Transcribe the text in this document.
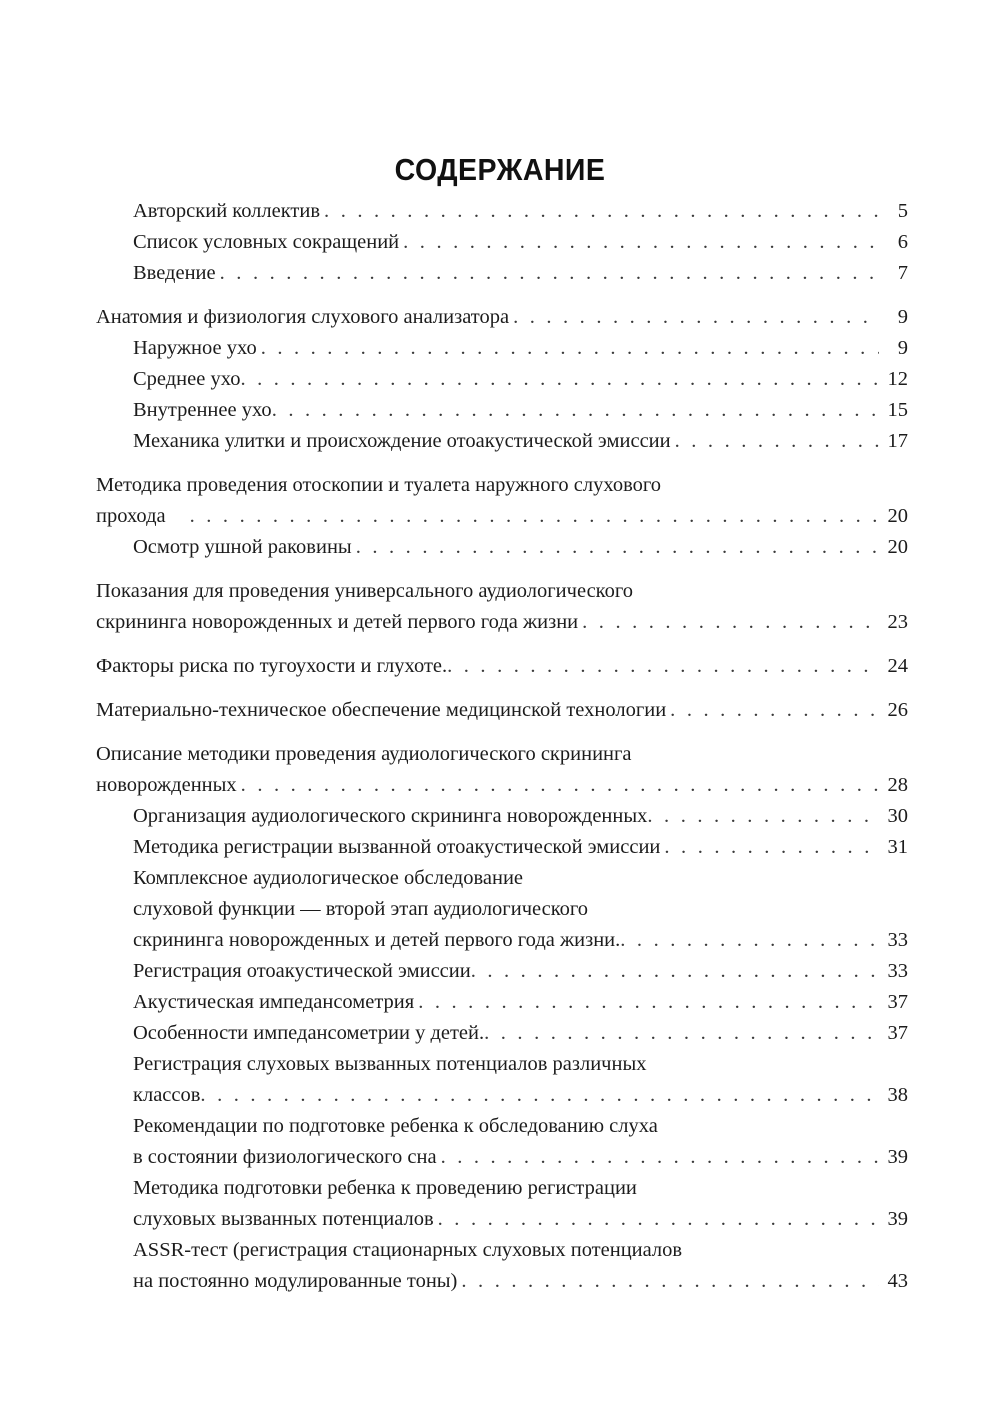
СОДЕРЖАНИЕ
Авторский коллектив . . .	5
Список условных сокращений . . .	6
Введение . . .	7
Анатомия и физиология слухового анализатора . . .	9
Наружное ухо . . .	9
Среднее ухо . . .	12
Внутреннее ухо . . .	15
Механика улитки и происхождение отоакустической эмиссии . . .	17
Методика проведения отоскопии и туалета наружного слухового
прохода . . .	20
Осмотр ушной раковины . . .	20
Показания для проведения универсального аудиологического
скрининга новорожденных и детей первого года жизни . . .	23
Факторы риска по тугоухости и глухоте. . . .	24
Материально-техническое обеспечение медицинской технологии . . .	26
Описание методики проведения аудиологического скрининга
новорожденных . . .	28
Организация аудиологического скрининга новорожденных . . .	30
Методика регистрации вызванной отоакустической эмиссии . . .	31
Комплексное аудиологическое обследование
слуховой функции — второй этап аудиологического
скрининга новорожденных и детей первого года жизни. . . .	33
Регистрация отоакустической эмиссии . . .	33
Акустическая импедансометрия . . .	37
Особенности импедансометрии у детей. . . .	37
Регистрация слуховых вызванных потенциалов различных
классов . . .	38
Рекомендации по подготовке ребенка к обследованию слуха
в состоянии физиологического сна . . .	39
Методика подготовки ребенка к проведению регистрации
слуховых вызванных потенциалов . . .	39
ASSR-тест (регистрация стационарных слуховых потенциалов
на постоянно модулированные тоны) . . .	43
